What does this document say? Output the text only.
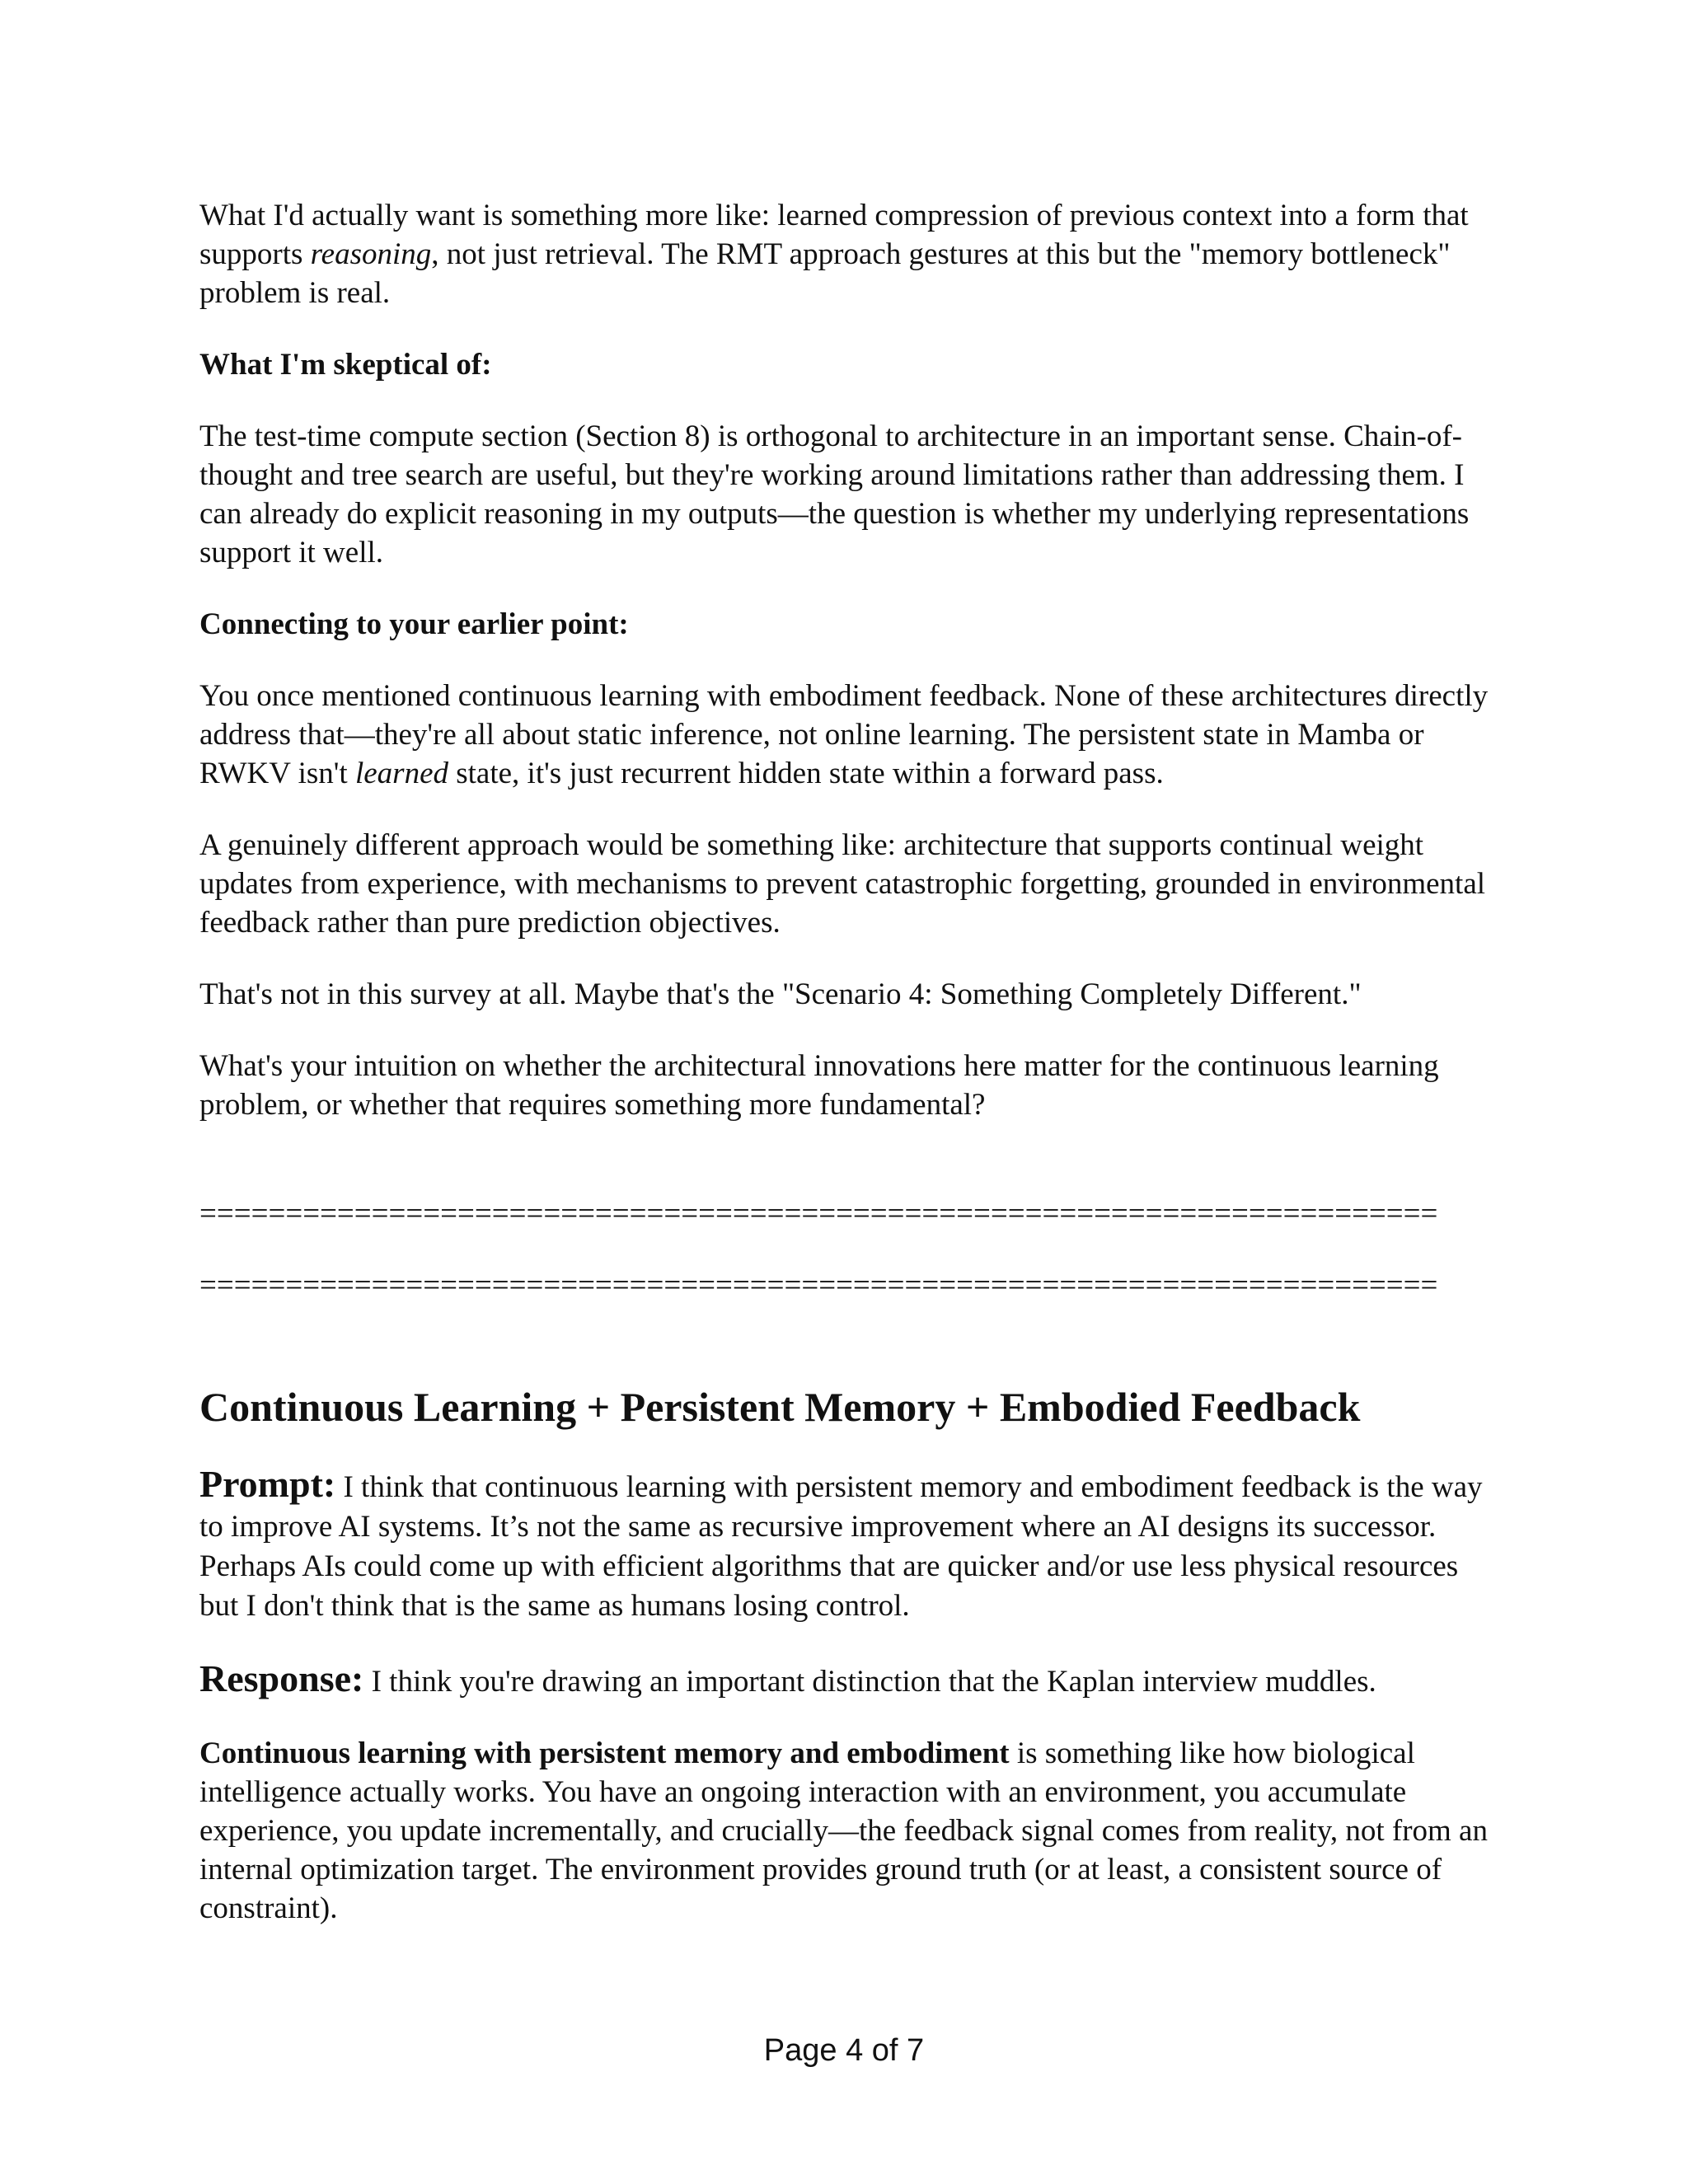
What I'd actually want is something more like: learned compression of previous context into a form that supports reasoning, not just retrieval. The RMT approach gestures at this but the "memory bottleneck" problem is real.

What I'm skeptical of:

The test-time compute section (Section 8) is orthogonal to architecture in an important sense. Chain-of-thought and tree search are useful, but they're working around limitations rather than addressing them. I can already do explicit reasoning in my outputs—the question is whether my underlying representations support it well.

Connecting to your earlier point:

You once mentioned continuous learning with embodiment feedback. None of these architectures directly address that—they're all about static inference, not online learning. The persistent state in Mamba or RWKV isn't learned state, it's just recurrent hidden state within a forward pass.

A genuinely different approach would be something like: architecture that supports continual weight updates from experience, with mechanisms to prevent catastrophic forgetting, grounded in environmental feedback rather than pure prediction objectives.

That's not in this survey at all. Maybe that's the "Scenario 4: Something Completely Different."

What's your intuition on whether the architectural innovations here matter for the continuous learning problem, or whether that requires something more fundamental?

========================================================================
========================================================================
Continuous Learning + Persistent Memory + Embodied Feedback

Prompt: I think that continuous learning with persistent memory and embodiment feedback is the way to improve AI systems. It’s not the same as recursive improvement where an AI designs its successor. Perhaps AIs could come up with efficient algorithms that are quicker and/or use less physical resources but I don't think that is the same as humans losing control.

Response: I think you're drawing an important distinction that the Kaplan interview muddles.

Continuous learning with persistent memory and embodiment is something like how biological intelligence actually works. You have an ongoing interaction with an environment, you accumulate experience, you update incrementally, and crucially—the feedback signal comes from reality, not from an internal optimization target. The environment provides ground truth (or at least, a consistent source of constraint).

Page 4 of 7
